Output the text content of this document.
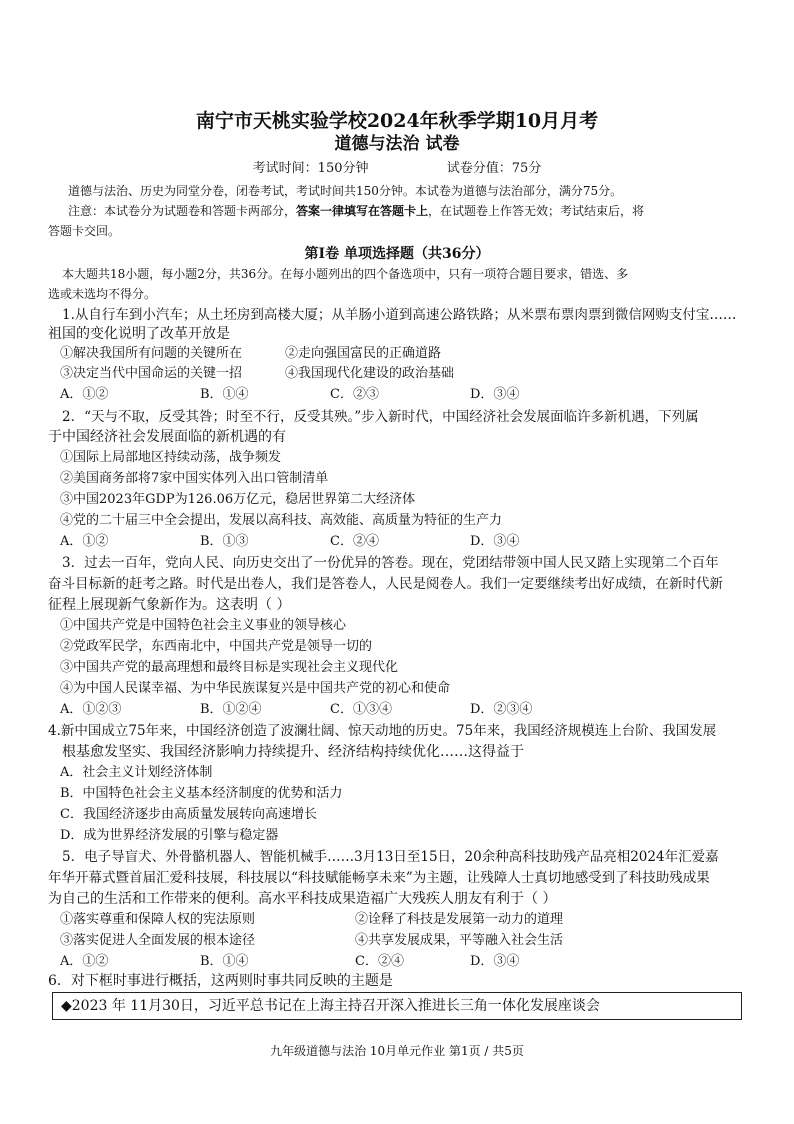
南宁市天桃实验学校2024年秋季学期10月月考
道德与法治 试卷
考试时间：150分钟	试卷分值：75分
道德与法治、历史为同堂分卷，闭卷考试，考试时间共150分钟。本试卷为道德与法治部分，满分75分。
注意：本试卷分为试题卷和答题卡两部分，答案一律填写在答题卡上，在试题卷上作答无效；考试结束后，将
答题卡交回。
第Ⅰ卷 单项选择题（共36分）
本大题共18小题，每小题2分，共36分。在每小题列出的四个备选项中，只有一项符合题目要求，错选、多
选或未选均不得分。
1.从自行车到小汽车；从土坯房到高楼大厦；从羊肠小道到高速公路铁路；从米票布票肉票到微信网购支付宝……
祖国的变化说明了改革开放是
①解决我国所有问题的关键所在	②走向强国富民的正确道路
③决定当代中国命运的关键一招	④我国现代化建设的政治基础
A．①②	B．①④	C．②③	D．③④
2．“天与不取，反受其咎；时至不行，反受其殃。”步入新时代，中国经济社会发展面临许多新机遇，下列属
于中国经济社会发展面临的新机遇的有
①国际上局部地区持续动荡，战争频发
②美国商务部将7家中国实体列入出口管制清单
③中国2023年GDP为126.06万亿元，稳居世界第二大经济体
④党的二十届三中全会提出，发展以高科技、高效能、高质量为特征的生产力
A．①②	B．①③	C．②④	D．③④
3．过去一百年，党向人民、向历史交出了一份优异的答卷。现在，党团结带领中国人民又踏上实现第二个百年
奋斗目标新的赶考之路。时代是出卷人，我们是答卷人，人民是阅卷人。我们一定要继续考出好成绩，在新时代新
征程上展现新气象新作为。这表明（ ）
①中国共产党是中国特色社会主义事业的领导核心
②党政军民学，东西南北中，中国共产党是领导一切的
③中国共产党的最高理想和最终目标是实现社会主义现代化
④为中国人民谋幸福、为中华民族谋复兴是中国共产党的初心和使命
A．①②③	B．①②④	C．①③④	D．②③④
4.新中国成立75年来，中国经济创造了波澜壮阔、惊天动地的历史。75年来，我国经济规模连上台阶、我国发展
根基愈发坚实、我国经济影响力持续提升、经济结构持续优化……这得益于
A．社会主义计划经济体制
B．中国特色社会主义基本经济制度的优势和活力
C．我国经济逐步由高质量发展转向高速增长
D．成为世界经济发展的引擎与稳定器
5．电子导盲犬、外骨骼机器人、智能机械手……3月13日至15日，20余种高科技助残产品亮相2024年汇爱嘉
年华开幕式暨首届汇爱科技展，科技展以“科技赋能畅享未来”为主题，让残障人士真切地感受到了科技助残成果
为自己的生活和工作带来的便利。高水平科技成果造福广大残疾人朋友有利于（ ）
①落实尊重和保障人权的宪法原则	②诠释了科技是发展第一动力的道理
③落实促进人全面发展的根本途径	④共享发展成果，平等融入社会生活
A．①②	B．①④	C．②④	D．③④
6．对下框时事进行概括，这两则时事共同反映的主题是
◆2023 年 11月30日，习近平总书记在上海主持召开深入推进长三角一体化发展座谈会
九年级道德与法治 10月单元作业 第1页 / 共5页
